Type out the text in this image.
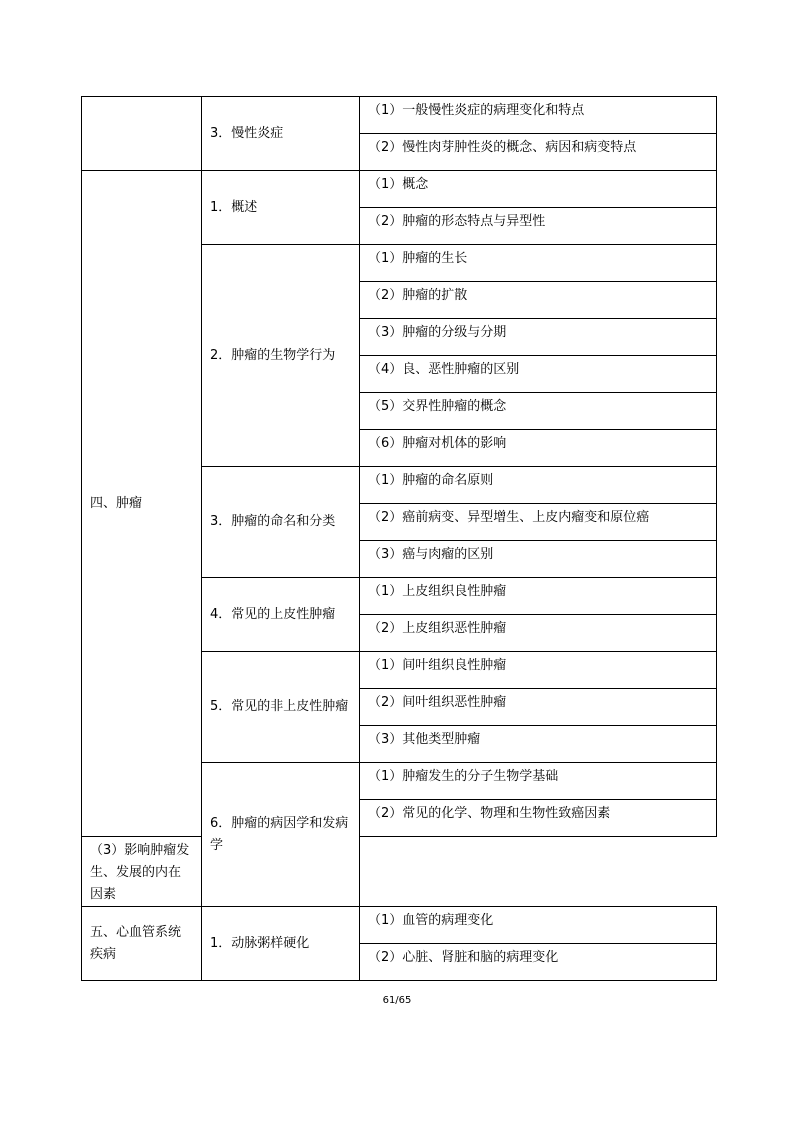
	3．慢性炎症	（1）一般慢性炎症的病理变化和特点
		（2）慢性肉芽肿性炎的概念、病因和病变特点
四、肿瘤	1．概述	（1）概念
		（2）肿瘤的形态特点与异型性
	2．肿瘤的生物学行为	（1）肿瘤的生长
		（2）肿瘤的扩散
		（3）肿瘤的分级与分期
		（4）良、恶性肿瘤的区别
		（5）交界性肿瘤的概念
		（6）肿瘤对机体的影响
	3．肿瘤的命名和分类	（1）肿瘤的命名原则
		（2）癌前病变、异型增生、上皮内瘤变和原位癌
		（3）癌与肉瘤的区别
	4．常见的上皮性肿瘤	（1）上皮组织良性肿瘤
		（2）上皮组织恶性肿瘤
	5．常见的非上皮性肿瘤	（1）间叶组织良性肿瘤
		（2）间叶组织恶性肿瘤
		（3）其他类型肿瘤
	6．肿瘤的病因学和发病学	（1）肿瘤发生的分子生物学基础
		（2）常见的化学、物理和生物性致癌因素
（3）影响肿瘤发生、发展的内在因素		
五、心血管系统疾病	1．动脉粥样硬化	（1）血管的病理变化
		（2）心脏、肾脏和脑的病理变化
61/65
